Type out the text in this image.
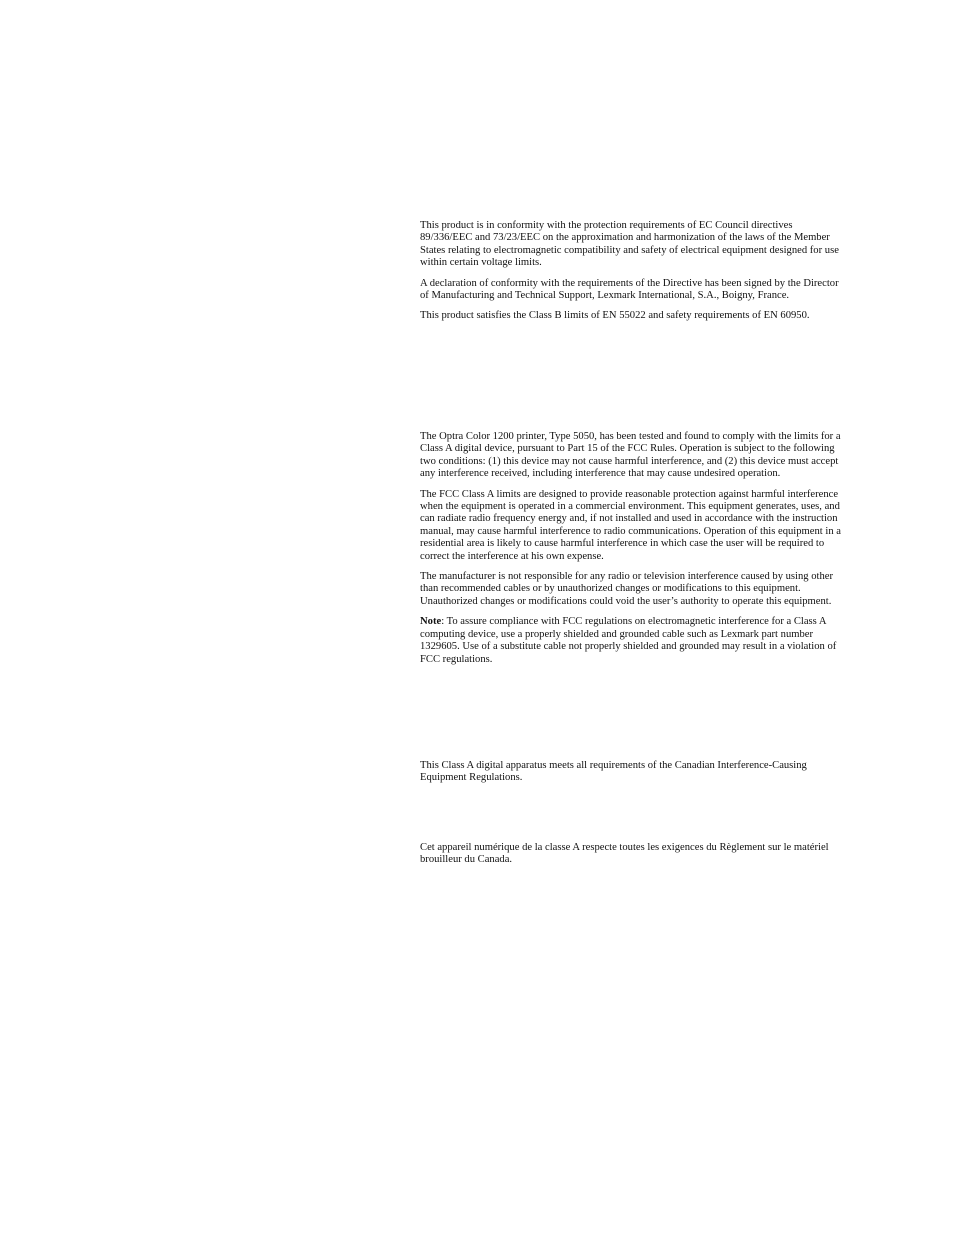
This product is in conformity with the protection requirements of EC Council directives 89/336/EEC and 73/23/EEC on the approximation and harmonization of the laws of the Member States relating to electromagnetic compatibility and safety of electrical equipment designed for use within certain voltage limits.

A declaration of conformity with the requirements of the Directive has been signed by the Director of Manufacturing and Technical Support, Lexmark International, S.A., Boigny, France.

This product satisfies the Class B limits of EN 55022 and safety requirements of EN 60950.

The Optra Color 1200 printer, Type 5050, has been tested and found to comply with the limits for a Class A digital device, pursuant to Part 15 of the FCC Rules. Operation is subject to the following two conditions: (1) this device may not cause harmful interference, and (2) this device must accept any interference received, including interference that may cause undesired operation.

The FCC Class A limits are designed to provide reasonable protection against harmful interference when the equipment is operated in a commercial environment. This equipment generates, uses, and can radiate radio frequency energy and, if not installed and used in accordance with the instruction manual, may cause harmful interference to radio communications. Operation of this equipment in a residential area is likely to cause harmful interference in which case the user will be required to correct the interference at his own expense.

The manufacturer is not responsible for any radio or television interference caused by using other than recommended cables or by unauthorized changes or modifications to this equipment. Unauthorized changes or modifications could void the user’s authority to operate this equipment.

Note: To assure compliance with FCC regulations on electromagnetic interference for a Class A computing device, use a properly shielded and grounded cable such as Lexmark part number 1329605. Use of a substitute cable not properly shielded and grounded may result in a violation of FCC regulations.

This Class A digital apparatus meets all requirements of the Canadian Interference-Causing Equipment Regulations.

Cet appareil numérique de la classe A respecte toutes les exigences du Règlement sur le matériel brouilleur du Canada.
